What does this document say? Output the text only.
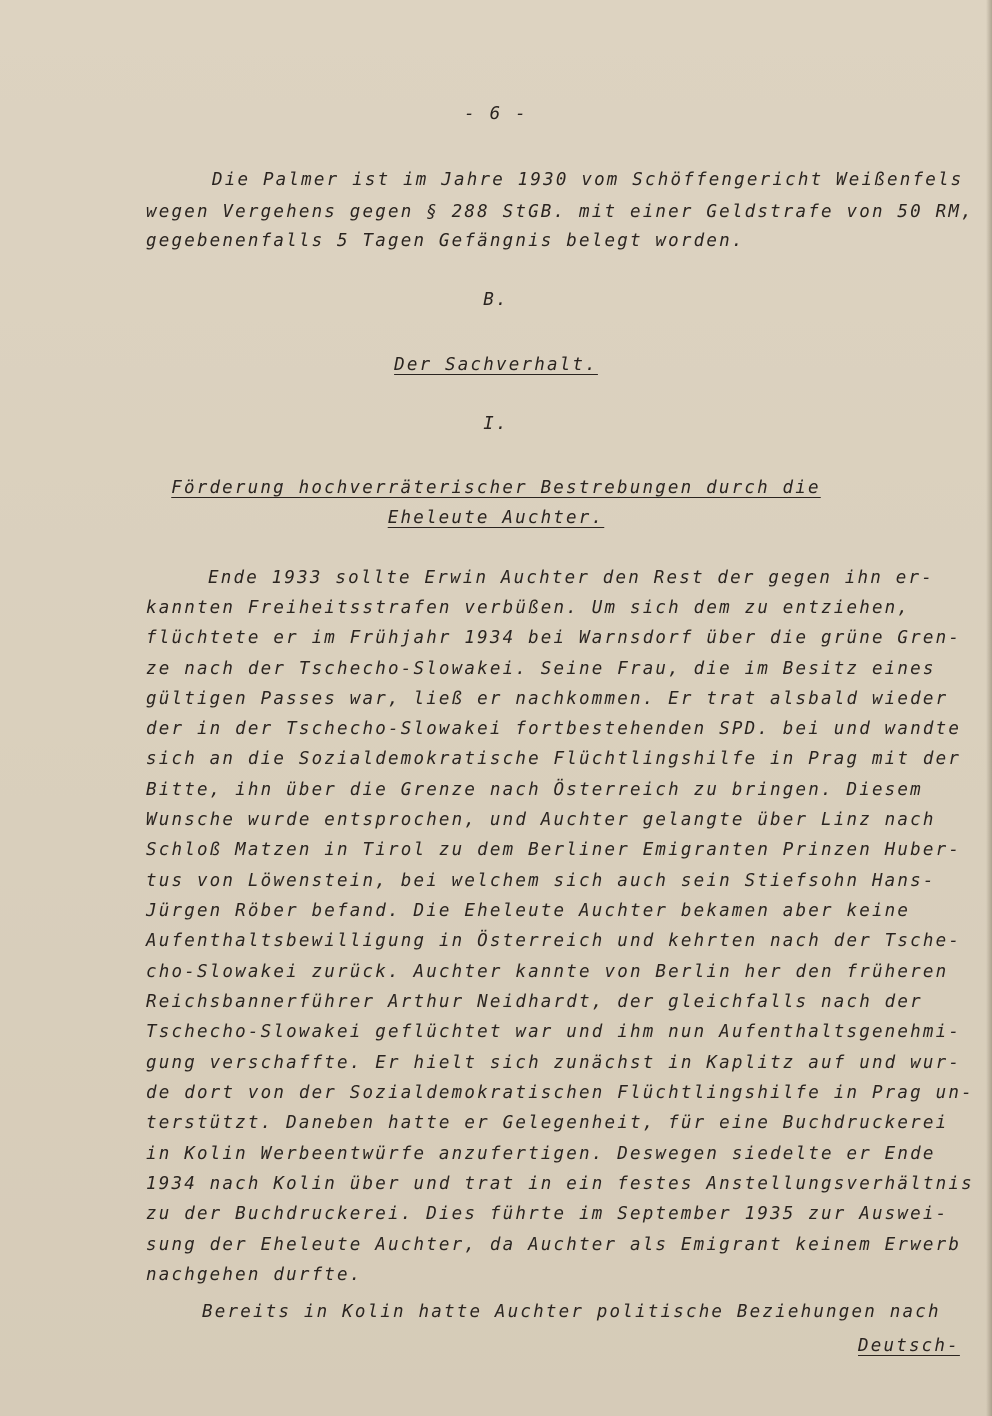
- 6 -
Die Palmer ist im Jahre 1930 vom Schöffengericht Weißenfels
wegen Vergehens gegen § 288 StGB. mit einer Geldstrafe von 50 RM,
gegebenenfalls 5 Tagen Gefängnis belegt worden.
B.
Der Sachverhalt.
I.
Förderung hochverräterischer Bestrebungen durch die
Eheleute Auchter.
Ende 1933 sollte Erwin Auchter den Rest der gegen ihn er-
kannten Freiheitsstrafen verbüßen. Um sich dem zu entziehen,
flüchtete er im Frühjahr 1934 bei Warnsdorf über die grüne Gren-
ze nach der Tschecho-Slowakei. Seine Frau, die im Besitz eines
gültigen Passes war, ließ er nachkommen. Er trat alsbald wieder
der in der Tschecho-Slowakei fortbestehenden SPD. bei und wandte
sich an die Sozialdemokratische Flüchtlingshilfe in Prag mit der
Bitte, ihn über die Grenze nach Österreich zu bringen. Diesem
Wunsche wurde entsprochen, und Auchter gelangte über Linz nach
Schloß Matzen in Tirol zu dem Berliner Emigranten Prinzen Huber-
tus von Löwenstein, bei welchem sich auch sein Stiefsohn Hans-
Jürgen Röber befand. Die Eheleute Auchter bekamen aber keine
Aufenthaltsbewilligung in Österreich und kehrten nach der Tsche-
cho-Slowakei zurück. Auchter kannte von Berlin her den früheren
Reichsbannerführer Arthur Neidhardt, der gleichfalls nach der
Tschecho-Slowakei geflüchtet war und ihm nun Aufenthaltsgenehmi-
gung verschaffte. Er hielt sich zunächst in Kaplitz auf und wur-
de dort von der Sozialdemokratischen Flüchtlingshilfe in Prag un-
terstützt. Daneben hatte er Gelegenheit, für eine Buchdruckerei
in Kolin Werbeentwürfe anzufertigen. Deswegen siedelte er Ende
1934 nach Kolin über und trat in ein festes Anstellungsverhältnis
zu der Buchdruckerei. Dies führte im September 1935 zur Auswei-
sung der Eheleute Auchter, da Auchter als Emigrant keinem Erwerb
nachgehen durfte.
Bereits in Kolin hatte Auchter politische Beziehungen nach
Deutsch-
